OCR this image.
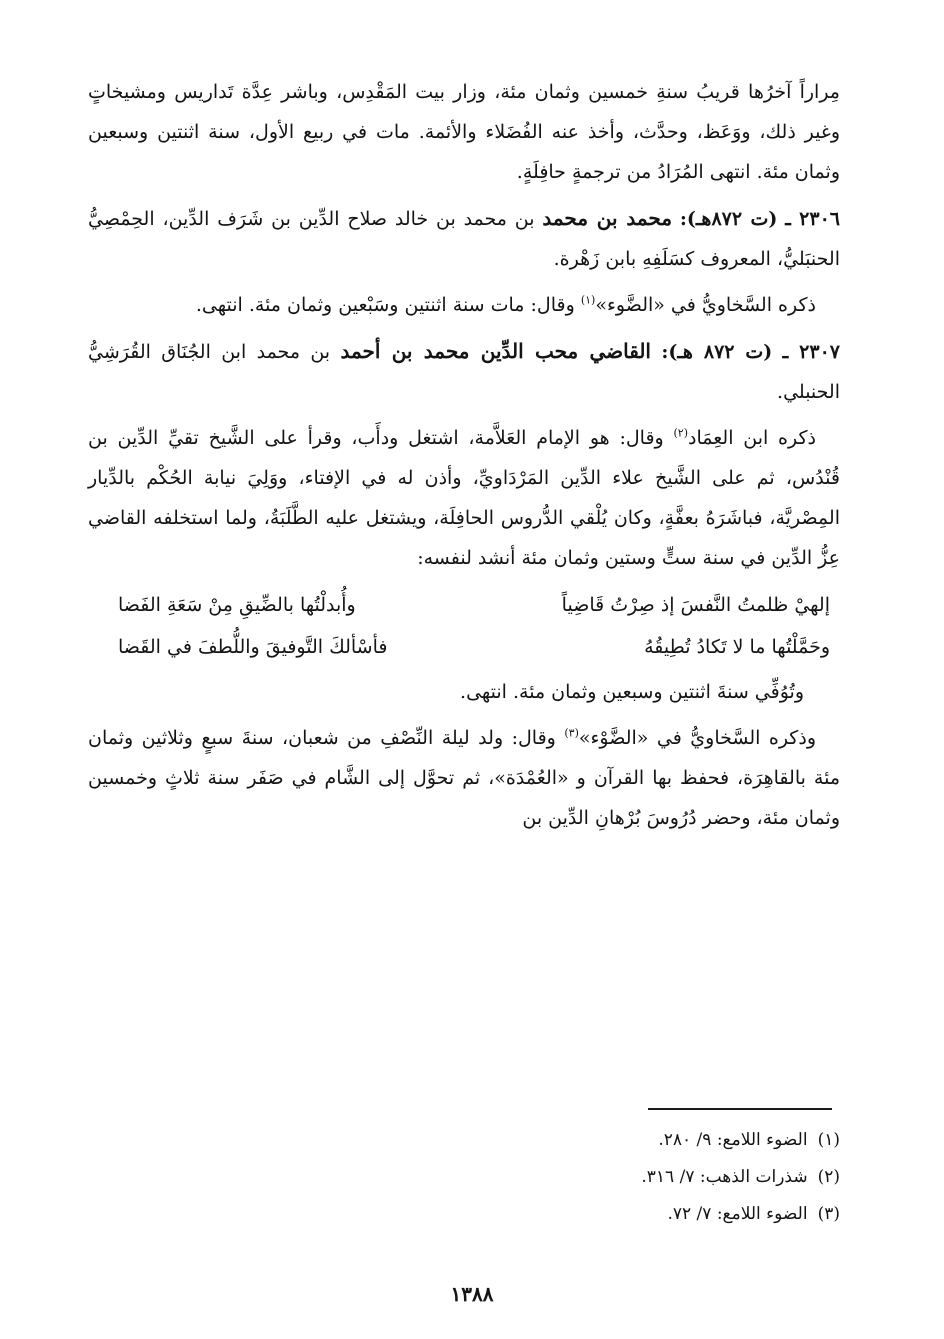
مِراراً آخرُها قريبُ سنةِ خمسين وثمان مئة، وزار بيت المَقْدِس، وباشر عِدَّة تَداريس ومشيخاتٍ وغير ذلك، ووَعَظ، وحدَّث، وأخذ عنه الفُضَلاء والأئمة. مات في ربيع الأول، سنة اثنتين وسبعين وثمان مئة. انتهى المُرَادُ من ترجمةٍ حافِلَةٍ.

٢٣٠٦ ـ (ت ٨٧٢هـ): محمد بن محمد بن محمد بن خالد صلاح الدِّين بن شَرَف الدِّين، الحِمْصِيُّ الحنبَليُّ، المعروف كسَلَفِهِ بابن زَهْرة.

ذكره السَّخاويُّ في «الضَّوء»$^{(١)}$ وقال: مات سنة اثنتين وسَبْعين وثمان مئة. انتهى.

٢٣٠٧ ـ (ت ٨٧٢ هـ): القاضي محب الدِّين محمد بن أحمد بن محمد ابن الجُنَاق القُرَشِيُّ الحنبلي.

ذكره ابن العِمَاد$^{(٢)}$ وقال: هو الإمام العَلاَّمة، اشتغل ودأَب، وقرأ على الشَّيخ تقيِّ الدِّين بن قُنْدُس، ثم على الشَّيخ علاء الدِّين المَرْدَاويِّ، وأذن له في الإفتاء، ووَلِيَ نيابة الحُكْم بالدِّيار المِصْريَّة، فباشَرَهُ بعفَّةٍ، وكان يُلْقي الدُّروس الحافِلَة، ويشتغل عليه الطَّلَبَةُ، ولما استخلفه القاضي عِزُّ الدِّين في سنة ستٍّ وستين وثمان مئة أنشد لنفسه:

إلهيْ ظلمتُ النَّفسَ إذ صِرْتُ قَاضِياً
وأُبدلْتُها بالضِّيقِ مِنْ سَعَةِ الفَضا
وحَمَّلْتُها ما لا تَكادُ تُطِيقُهُ
فأسْألكَ التَّوفيقَ واللُّطفَ في القَضا

وتُوُفِّي سنةَ اثنتين وسبعين وثمان مئة. انتهى.

وذكره السَّخاويُّ في «الضَّوْء»$^{(٣)}$ وقال: ولد ليلة النِّصْفِ من شعبان، سنةَ سبعٍ وثلاثين وثمان مئة بالقاهِرَة، فحفظ بها القرآن و «العُمْدَة»، ثم تحوَّل إلى الشَّام في صَفَر سنة ثلاثٍ وخمسين وثمان مئة، وحضر دُرُوسَ بُرْهانِ الدِّين بن

(١)الضوء اللامع: ٩/ ٢٨٠.
(٢)شذرات الذهب: ٧/ ٣١٦.
(٣)الضوء اللامع: ٧/ ٧٢.
١٣٨٨
